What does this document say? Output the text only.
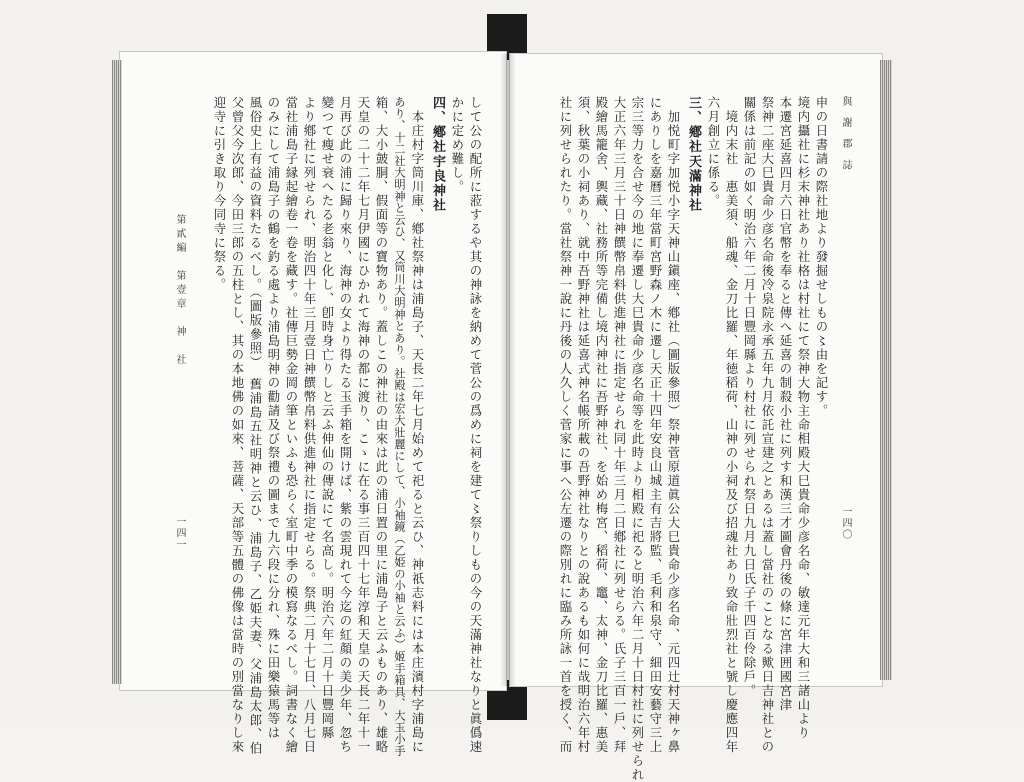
與 謝 郡 誌
一四〇
申の日書請の際社地より發掘せしもの〻由を記す。
境内攝社に杉末神社あり社格は村社にて祭神大物主命相殿大巳貴命少彦名命、敏達元年大和三諸山より
本遷宮延喜四月六日官幣を奉ると傳へ延喜の制殺小社に列す和漢三才圖會丹後の條に宮津囲國宮津
祭神二座大巳貴命少彦名命後冷泉院永承五年九月依託宣建之とあるは蓋し當社のことなる歟日吉神社との
關係は前記の如く明治六年二月十日豐岡縣より村社に列せられ祭日九月九日氏子千四百伶除戶。
境内末社　惠美須、船魂、金刀比羅、年徳稻荷、山神の小祠及び招魂社あり致命壯烈社と號し慶應四年
六月創立に係る。
三、鄕社天滿神社
加悦町字加悦小字天神山鎭座、鄕社（圖版參照）祭神菅原道眞公大巳貴命少彦名命、元四辻村天神ヶ鼻
にありしを嘉曆三年當町宮野森ノ木に遷し天正十四年安良山城主有吉將監、毛利和泉守、細田安藝守三上
宗三等力を合せ今の地に奉遷し大巳貴命少彦名命等を此時より相殿に祀ると明治六年二月十日村社に列せられ
大正六年三月三十日神饌幣帛料供進神社に指定せられ同十年三月二日鄕社に列せらる。氏子三百一戶、拜
殿繪馬籠舍、輿藏、社務所等完備し境内神社に吾野神社、を始め梅宮、稻荷、竈、太神、金刀比羅、惠美
須、秋葉の小祠あり、就中吾野神社は延喜式神名帳所載の吾野神社なりとの說あるも如何に哉明治六年村
社に列せられたり。當社祭神一說に丹後の人久しく菅家に事へ公左遷の際別れに臨み所詠一首を授く、而
して公の配所に蒞するや其の神詠を納めて菅公の爲めに祠を建て〻祭りしもの今の天滿神社なりと眞僞速
かに定め難し。
四、鄕社宇良神社
本庄村字筒川庫、鄕社祭神は浦島子、天長二年七月始めて祀ると云ひ、神祇志料には本庄濱村字浦島に
あり、十二社大明神と云ひ、又筒川大明神とあり。社殿は宏大壯麗にして、小袖鏡（乙姫の小袖と云ふ）姬手箱具、大玉小手
箱、大小皷胴、假面等の寶物あり。蓋しこの神社の由來は此の浦日置の里に浦島子と云ふものあり、雄略
天皇の二十二年七月伊國にひかれて海神の都に渡り、こゝに在る事三百四十七年淳和天皇の天長二年十一
月再び此の浦に歸り來り、海神の女より得たる玉手箱を開けば、紫の雲現れて今迄の紅顏の美少年、忽ち
變つて瘦せ衰へたる老翁と化し、卽時身亡りしと云ふ伸仙の傳說にて名高し。明治六年二月十日豐岡縣
より鄕社に列せられ、明治四十年三月壹日神饌幣帛料供進神社に指定せらる。祭典二月十七日、八月七日
當社浦島子縁起繪卷一卷を藏す。社傳巨勢金岡の筆といふも恐らく室町中季の模寫なるべし。詞書なく繪
のみにして浦島子の鶴を釣る處より浦島明神の勸請及び祭禮の圖まで九六段に分れ、殊に田樂猿馬等は
風俗史上有益の資料たるべし。（圖版參照）　舊浦島五社明神と云ひ、浦島子、乙姫夫妻、父浦島太郎、伯
父曾父今次郎、今田三郎の五柱とし、其の本地佛の如來、菩薩、天部等五體の佛像は當時の別當なりし來
迎寺に引き取り今同寺に祭る。
第貳編　第壹章　神　社
一四一
